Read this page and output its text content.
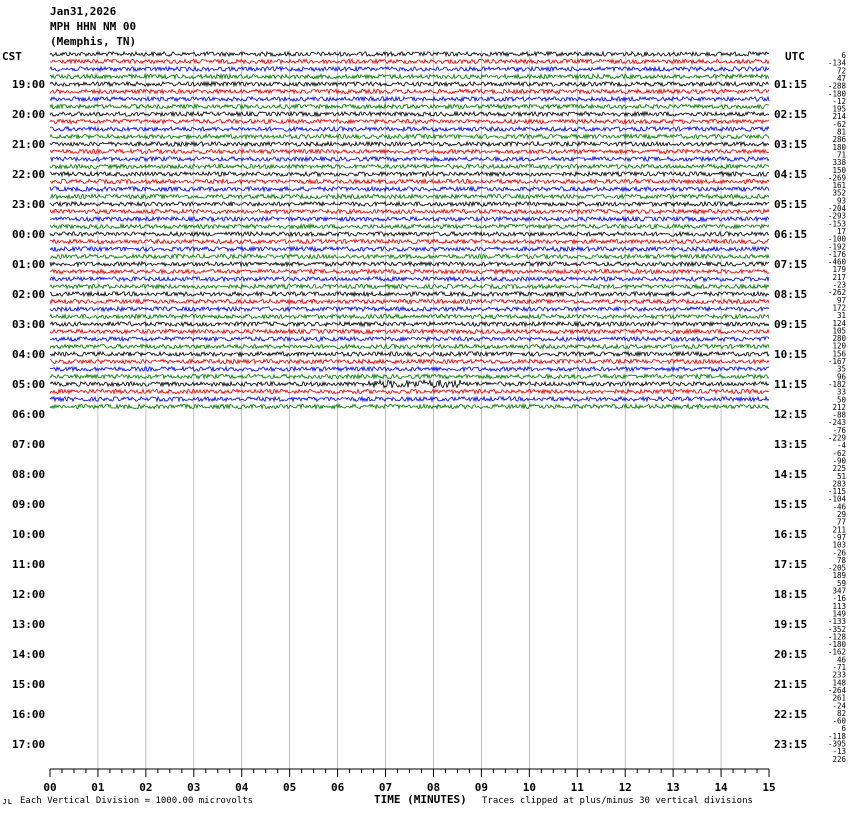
Jan31,2026
MPH HHN NM 00
(Memphis, TN)
CST	UTC
19:00
20:00
21:00
22:00
23:00
00:00
01:00
02:00
03:00
04:00
05:00
06:00
07:00
08:00
09:00
10:00
11:00
12:00
13:00
14:00
15:00
16:00
17:00
01:15
02:15
03:15
04:15
05:15
06:15
07:15
08:15
09:15
10:15
11:15
12:15
13:15
14:15
15:15
16:15
17:15
18:15
19:15
20:15
21:15
22:15
23:15
6
-134
72
47
-288
-180
-12
195
214
-62
81
286
180
71
338
150
-269
161
352
93
-204
-293
-153
17
-100
-192
-176
-460
179
217
-23
-262
97
172
31
124
105
280
120
156
-167
35
96
-182
33
50
212
-88
-243
-76
-229
-4
-62
-90
225
51
283
-115
-104
-46
29
77
211
-97
103
-26
78
-205
189
59
347
-16
113
149
-133
-352
-128
-180
-162
46
-71
233
148
-264
261
-24
82
-60
6
-118
-395
-13
226
00	01	02	03	04	05	06	07	08	09	10	11	12	13	14	15
ᴊʟ Each Vertical Division = 1000.00 microvolts	TIME (MINUTES) Traces clipped at plus/minus 30 vertical divisions
